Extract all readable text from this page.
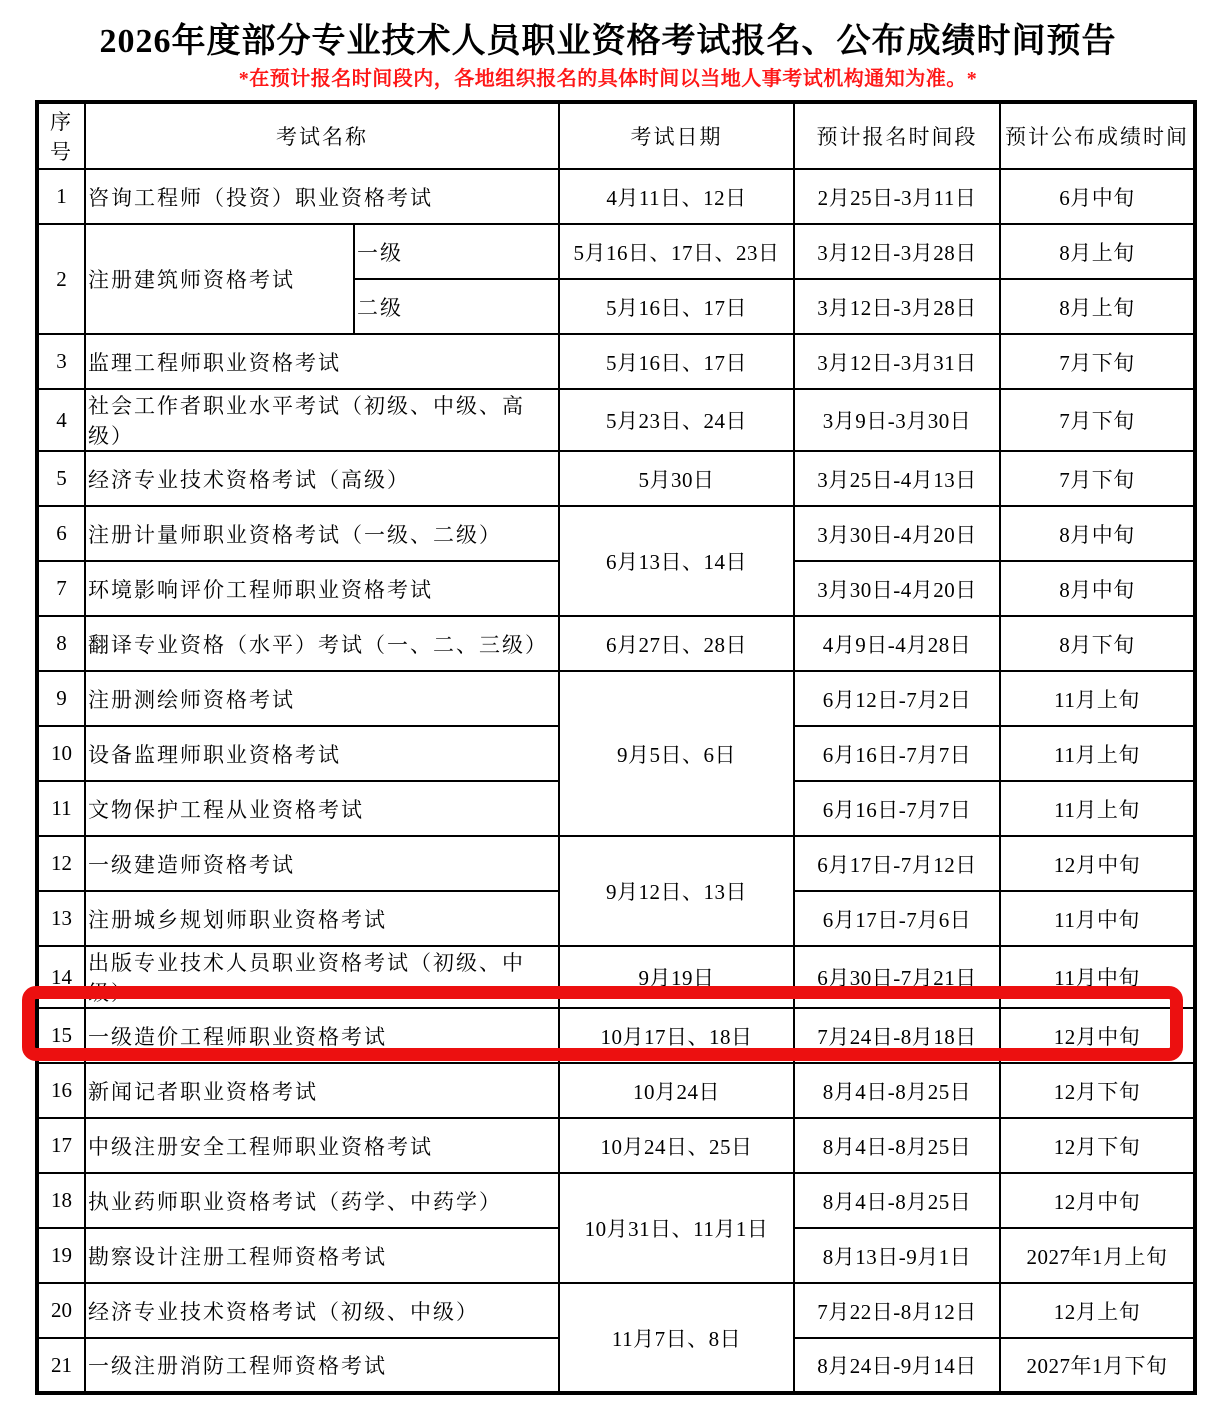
2026年度部分专业技术人员职业资格考试报名、公布成绩时间预告
*在预计报名时间段内，各地组织报名的具体时间以当地人事考试机构通知为准。*
序号	考试名称		考试日期	预计报名时间段	预计公布成绩时间
1	咨询工程师（投资）职业资格考试		4月11日、12日	2月25日-3月11日	6月中旬
2	注册建筑师资格考试	一级	5月16日、17日、23日	3月12日-3月28日	8月上旬
		二级	5月16日、17日	3月12日-3月28日	8月上旬
3	监理工程师职业资格考试		5月16日、17日	3月12日-3月31日	7月下旬
4	社会工作者职业水平考试（初级、中级、高级）		5月23日、24日	3月9日-3月30日	7月下旬
5	经济专业技术资格考试（高级）		5月30日	3月25日-4月13日	7月下旬
6	注册计量师职业资格考试（一级、二级）		6月13日、14日	3月30日-4月20日	8月中旬
7	环境影响评价工程师职业资格考试			3月30日-4月20日	8月中旬
8	翻译专业资格（水平）考试（一、二、三级）		6月27日、28日	4月9日-4月28日	8月下旬
9	注册测绘师资格考试		9月5日、6日	6月12日-7月2日	11月上旬
10	设备监理师职业资格考试			6月16日-7月7日	11月上旬
11	文物保护工程从业资格考试			6月16日-7月7日	11月上旬
12	一级建造师资格考试		9月12日、13日	6月17日-7月12日	12月中旬
13	注册城乡规划师职业资格考试			6月17日-7月6日	11月中旬
14	出版专业技术人员职业资格考试（初级、中级）		9月19日	6月30日-7月21日	11月中旬
15	一级造价工程师职业资格考试		10月17日、18日	7月24日-8月18日	12月中旬
16	新闻记者职业资格考试		10月24日	8月4日-8月25日	12月下旬
17	中级注册安全工程师职业资格考试		10月24日、25日	8月4日-8月25日	12月下旬
18	执业药师职业资格考试（药学、中药学）		10月31日、11月1日	8月4日-8月25日	12月中旬
19	勘察设计注册工程师资格考试			8月13日-9月1日	2027年1月上旬
20	经济专业技术资格考试（初级、中级）		11月7日、8日	7月22日-8月12日	12月上旬
21	一级注册消防工程师资格考试			8月24日-9月14日	2027年1月下旬
